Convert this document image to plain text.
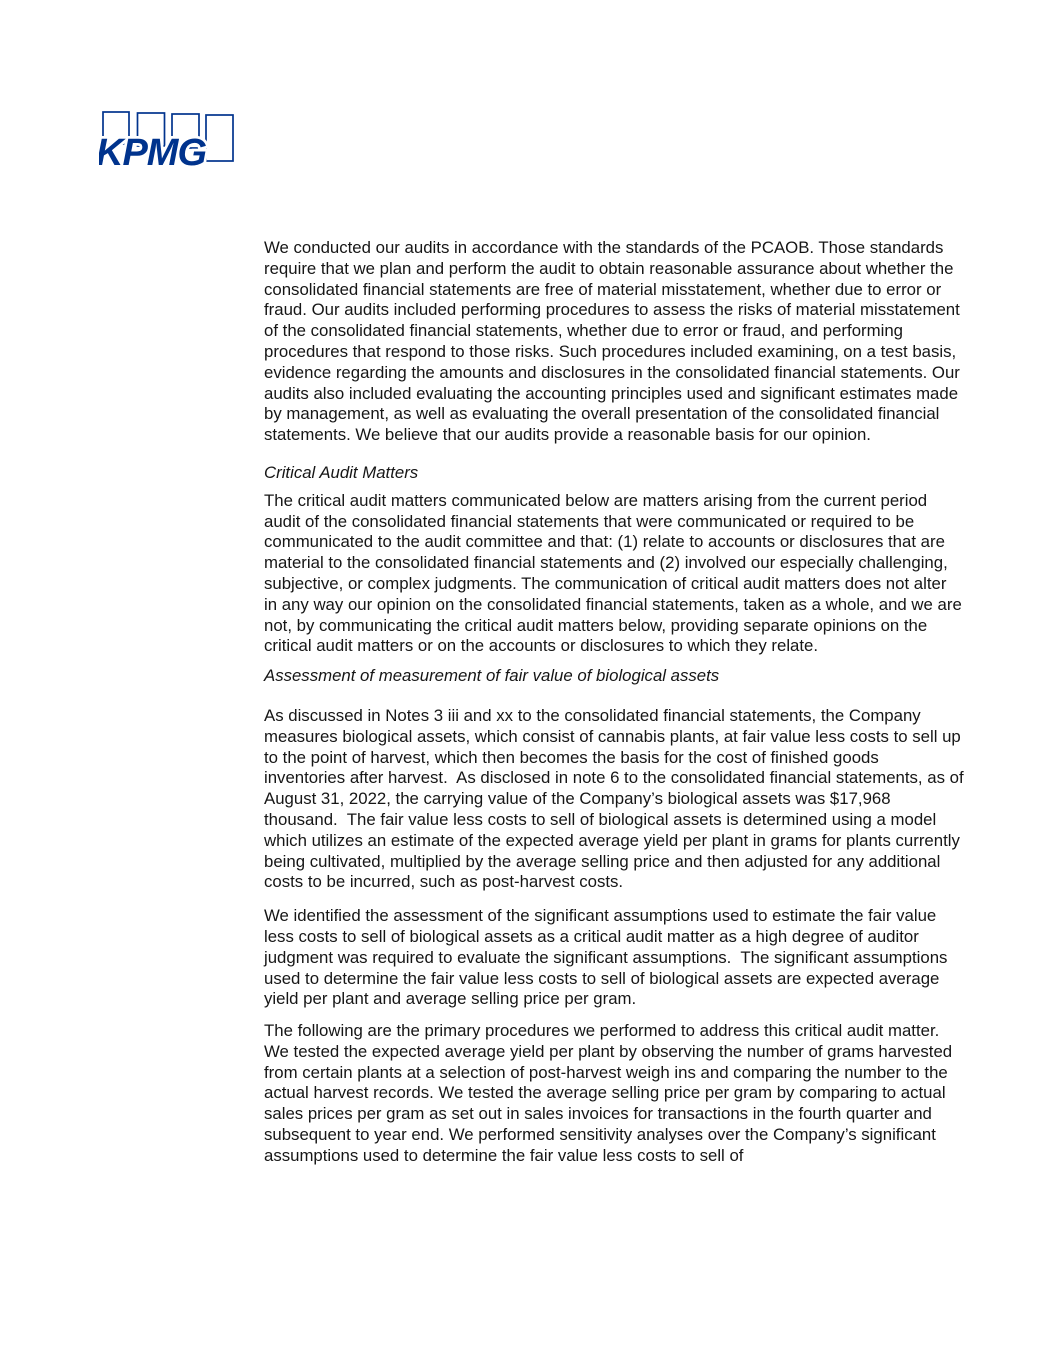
KPMG

We conducted our audits in accordance with the standards of the PCAOB. Those standards require that we plan and perform the audit to obtain reasonable assurance about whether the consolidated financial statements are free of material misstatement, whether due to error or fraud. Our audits included performing procedures to assess the risks of material misstatement of the consolidated financial statements, whether due to error or fraud, and performing procedures that respond to those risks. Such procedures included examining, on a test basis, evidence regarding the amounts and disclosures in the consolidated financial statements. Our audits also included evaluating the accounting principles used and significant estimates made by management, as well as evaluating the overall presentation of the consolidated financial statements. We believe that our audits provide a reasonable basis for our opinion.

Critical Audit Matters

The critical audit matters communicated below are matters arising from the current period audit of the consolidated financial statements that were communicated or required to be communicated to the audit committee and that: (1) relate to accounts or disclosures that are material to the consolidated financial statements and (2) involved our especially challenging, subjective, or complex judgments. The communication of critical audit matters does not alter in any way our opinion on the consolidated financial statements, taken as a whole, and we are not, by communicating the critical audit matters below, providing separate opinions on the critical audit matters or on the accounts or disclosures to which they relate.

Assessment of measurement of fair value of biological assets

As discussed in Notes 3 iii and xx to the consolidated financial statements, the Company measures biological assets, which consist of cannabis plants, at fair value less costs to sell up to the point of harvest, which then becomes the basis for the cost of finished goods inventories after harvest.  As disclosed in note 6 to the consolidated financial statements, as of August 31, 2022, the carrying value of the Company’s biological assets was $17,968 thousand.  The fair value less costs to sell of biological assets is determined using a model which utilizes an estimate of the expected average yield per plant in grams for plants currently being cultivated, multiplied by the average selling price and then adjusted for any additional costs to be incurred, such as post-harvest costs.

We identified the assessment of the significant assumptions used to estimate the fair value less costs to sell of biological assets as a critical audit matter as a high degree of auditor judgment was required to evaluate the significant assumptions.  The significant assumptions used to determine the fair value less costs to sell of biological assets are expected average yield per plant and average selling price per gram.

The following are the primary procedures we performed to address this critical audit matter. We tested the expected average yield per plant by observing the number of grams harvested from certain plants at a selection of post-harvest weigh ins and comparing the number to the actual harvest records. We tested the average selling price per gram by comparing to actual sales prices per gram as set out in sales invoices for transactions in the fourth quarter and subsequent to year end. We performed sensitivity analyses over the Company’s significant assumptions used to determine the fair value less costs to sell of
